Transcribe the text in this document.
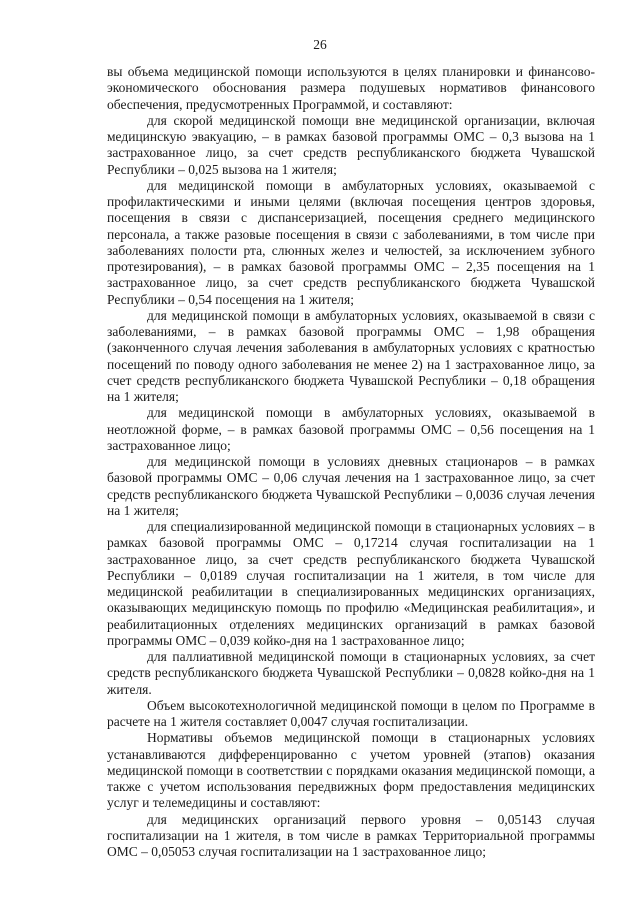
26

вы объема медицинской помощи используются в целях планировки и финансово-экономического обоснования размера подушевых нормативов финансового обеспечения, предусмотренных Программой, и составляют:

для скорой медицинской помощи вне медицинской организации, включая медицинскую эвакуацию, – в рамках базовой программы ОМС – 0,3 вызова на 1 застрахованное лицо, за счет средств республиканского бюджета Чувашской Республики – 0,025 вызова на 1 жителя;

для медицинской помощи в амбулаторных условиях, оказываемой с профилактическими и иными целями (включая посещения центров здоровья, посещения в связи с диспансеризацией, посещения среднего медицинского персонала, а также разовые посещения в связи с заболеваниями, в том числе при заболеваниях полости рта, слюнных желез и челюстей, за исключением зубного протезирования), – в рамках базовой программы ОМС – 2,35 посещения на 1 застрахованное лицо, за счет средств республиканского бюджета Чувашской Республики – 0,54 посещения на 1 жителя;

для медицинской помощи в амбулаторных условиях, оказываемой в связи с заболеваниями, – в рамках базовой программы ОМС – 1,98 обращения (законченного случая лечения заболевания в амбулаторных условиях с кратностью посещений по поводу одного заболевания не менее 2) на 1 застрахованное лицо, за счет средств республиканского бюджета Чувашской Республики – 0,18 обращения на 1 жителя;

для медицинской помощи в амбулаторных условиях, оказываемой в неотложной форме, – в рамках базовой программы ОМС – 0,56 посещения на 1 застрахованное лицо;

для медицинской помощи в условиях дневных стационаров – в рамках базовой программы ОМС – 0,06 случая лечения на 1 застрахованное лицо, за счет средств республиканского бюджета Чувашской Республики – 0,0036 случая лечения на 1 жителя;

для специализированной медицинской помощи в стационарных условиях – в рамках базовой программы ОМС – 0,17214 случая госпитализации на 1 застрахованное лицо, за счет средств республиканского бюджета Чувашской Республики – 0,0189 случая госпитализации на 1 жителя, в том числе для медицинской реабилитации в специализированных медицинских организациях, оказывающих медицинскую помощь по профилю «Медицинская реабилитация», и реабилитационных отделениях медицинских организаций в рамках базовой программы ОМС – 0,039 койко-дня на 1 застрахованное лицо;

для паллиативной медицинской помощи в стационарных условиях, за счет средств республиканского бюджета Чувашской Республики – 0,0828 койко-дня на 1 жителя.

Объем высокотехнологичной медицинской помощи в целом по Программе в расчете на 1 жителя составляет 0,0047 случая госпитализации.

Нормативы объемов медицинской помощи в стационарных условиях устанавливаются дифференцированно с учетом уровней (этапов) оказания медицинской помощи в соответствии с порядками оказания медицинской помощи, а также с учетом использования передвижных форм предоставления медицинских услуг и телемедицины и составляют:

для медицинских организаций первого уровня – 0,05143 случая госпитализации на 1 жителя, в том числе в рамках Территориальной программы ОМС – 0,05053 случая госпитализации на 1 застрахованное лицо;
